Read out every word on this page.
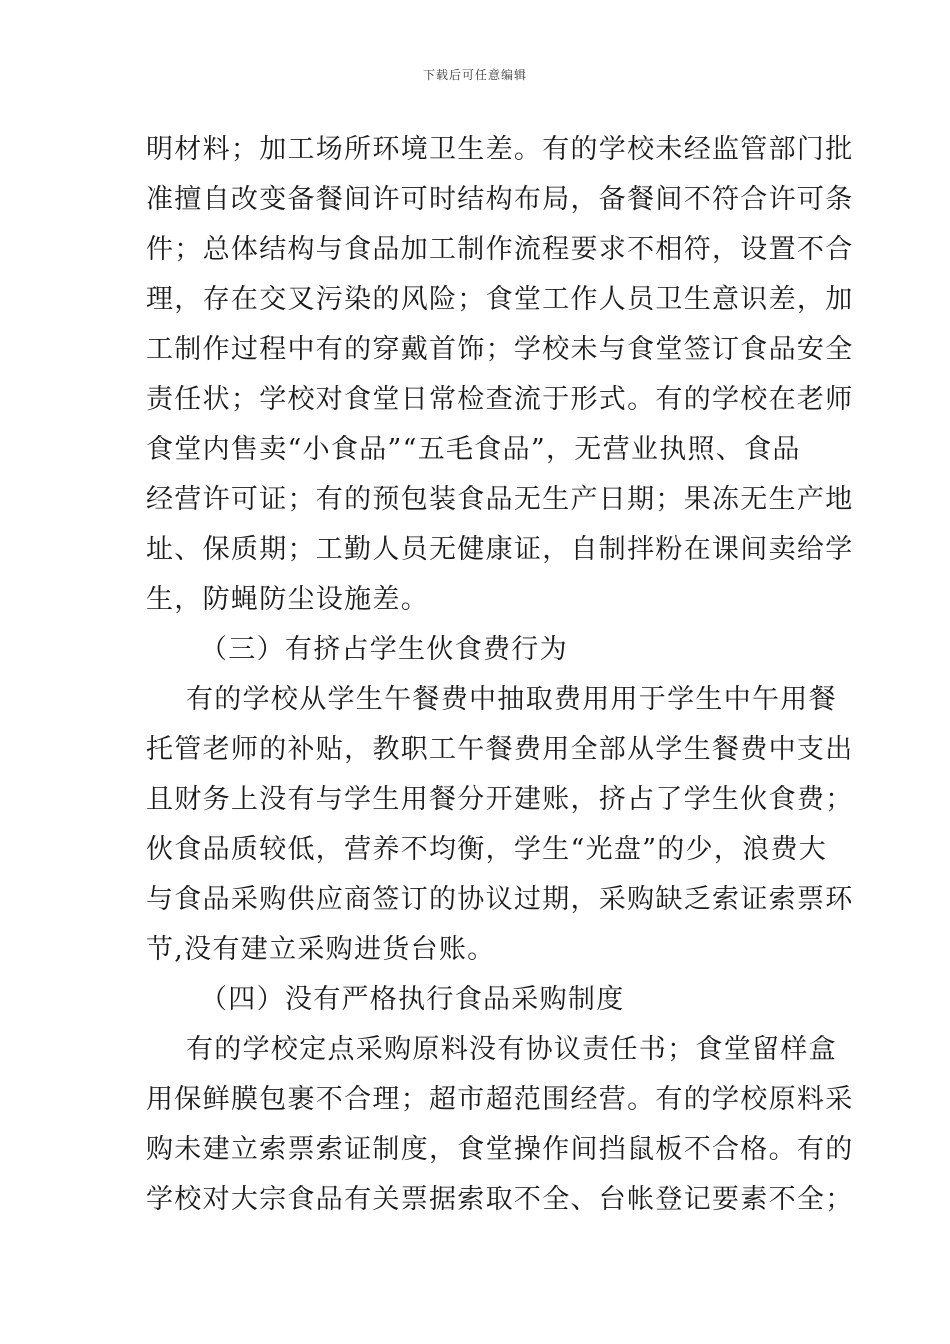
下载后可任意编辑
明材料；加工场所环境卫生差。有的学校未经监管部门批
准擅自改变备餐间许可时结构布局，备餐间不符合许可条
件；总体结构与食品加工制作流程要求不相符，设置不合
理，存在交叉污染的风险；食堂工作人员卫生意识差，加
工制作过程中有的穿戴首饰；学校未与食堂签订食品安全
责任状；学校对食堂日常检查流于形式。有的学校在老师
食堂内售卖“小食品”“五毛食品”，无营业执照、食品
经营许可证；有的预包装食品无生产日期；果冻无生产地
址、保质期；工勤人员无健康证，自制拌粉在课间卖给学
生，防蝇防尘设施差。
（三）有挤占学生伙食费行为
有的学校从学生午餐费中抽取费用用于学生中午用餐
托管老师的补贴，教职工午餐费用全部从学生餐费中支出
且财务上没有与学生用餐分开建账，挤占了学生伙食费；
伙食品质较低，营养不均衡，学生“光盘”的少，浪费大
与食品采购供应商签订的协议过期，采购缺乏索证索票环
节,没有建立采购进货台账。
（四）没有严格执行食品采购制度
有的学校定点采购原料没有协议责任书；食堂留样盒
用保鲜膜包裹不合理；超市超范围经营。有的学校原料采
购未建立索票索证制度，食堂操作间挡鼠板不合格。有的
学校对大宗食品有关票据索取不全、台帐登记要素不全；
